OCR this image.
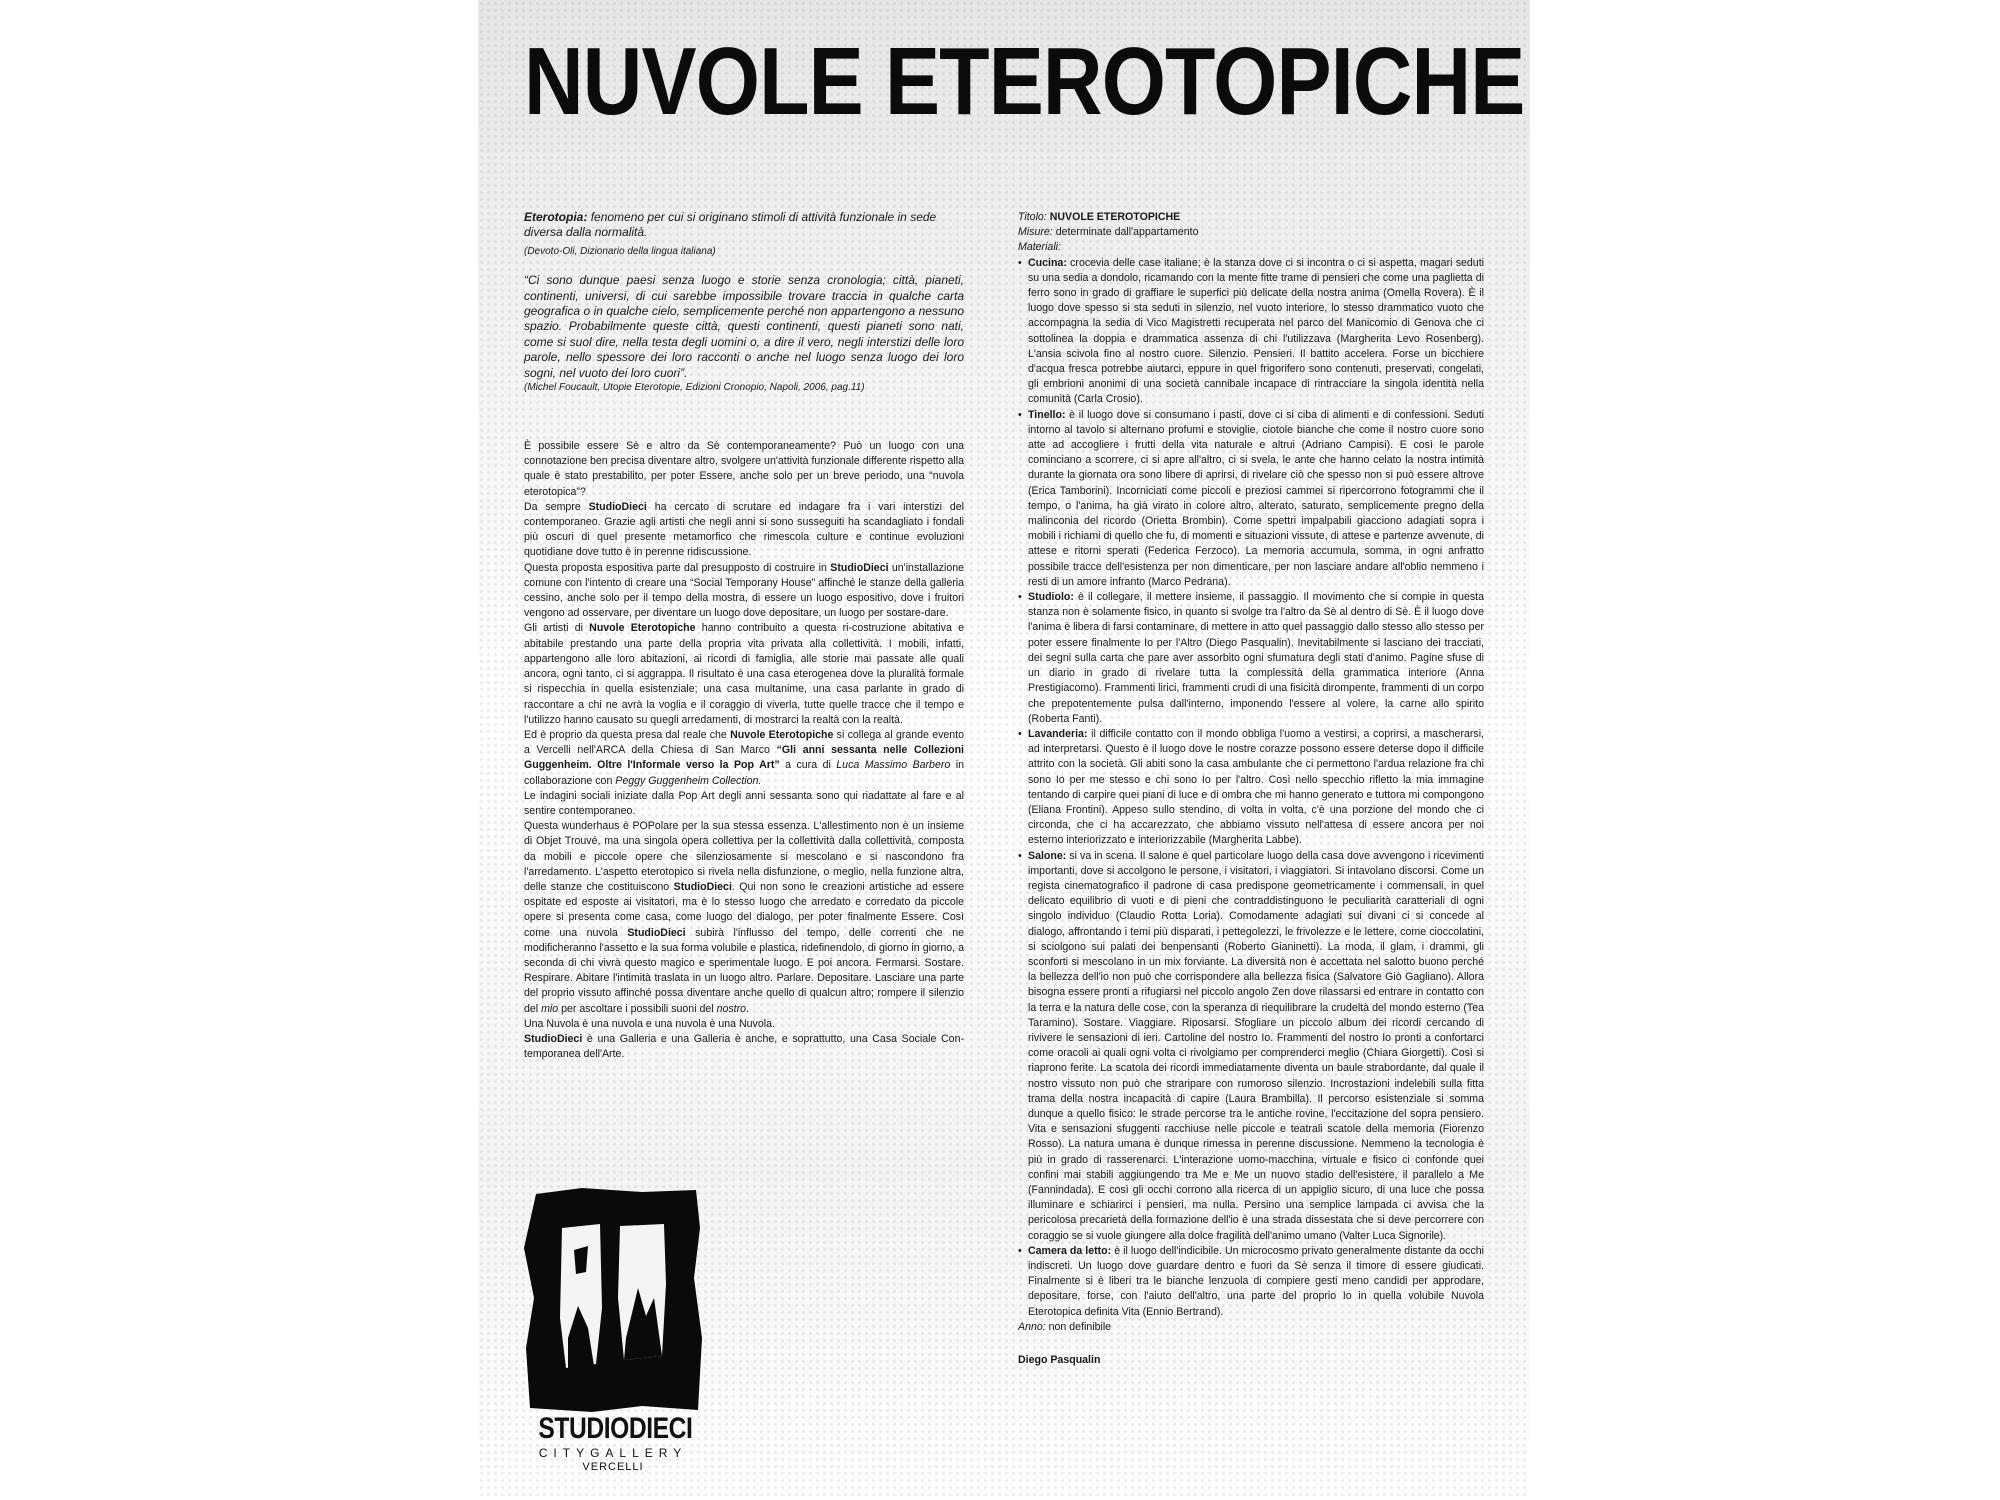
NUVOLE ETEROTOPICHE
Eterotopia: fenomeno per cui si originano stimoli di attività funzionale in sede diversa dalla normalità.
(Devoto-Oli, Dizionario della lingua italiana)
“Ci sono dunque paesi senza luogo e storie senza cronologia; città, pianeti, continenti, universi, di cui sarebbe impossibile trovare traccia in qualche carta geografica o in qualche cielo, semplicemente perché non appartengono a nessuno spazio. Probabilmente queste città, questi continenti, questi pianeti sono nati, come si suol dire, nella testa degli uomini o, a dire il vero, negli interstizi delle loro parole, nello spessore dei loro racconti o anche nel luogo senza luogo dei loro sogni, nel vuoto dei loro cuori”.
(Michel Foucault, Utopie Eterotopie, Edizioni Cronopio, Napoli, 2006, pag.11)

È possibile essere Sè e altro da Sè contemporaneamente? Può un luogo con una connotazione ben precisa diventare altro, svolgere un'attività funzionale differente rispetto alla quale è stato prestabilito, per poter Essere, anche solo per un breve periodo, una “nuvola eterotopica”?

Da sempre StudioDieci ha cercato di scrutare ed indagare fra i vari interstizi del contemporaneo. Grazie agli artisti che negli anni si sono susseguiti ha scandagliato i fondali più oscuri di quel presente metamorfico che rimescola culture e continue evoluzioni quotidiane dove tutto è in perenne ridiscussione.

Questa proposta espositiva parte dal presupposto di costruire in StudioDieci un'installazione comune con l'intento di creare una “Social Temporany House” affinché le stanze della galleria cessino, anche solo per il tempo della mostra, di essere un luogo espositivo, dove i fruitori vengono ad osservare, per diventare un luogo dove depositare, un luogo per sostare-dare.

Gli artisti di Nuvole Eterotopiche hanno contribuito a questa ri-costruzione abitativa e abitabile prestando una parte della propria vita privata alla collettività. I mobili, infatti, appartengono alle loro abitazioni, ai ricordi di famiglia, alle storie mai passate alle quali ancora, ogni tanto, ci si aggrappa. Il risultato è una casa eterogenea dove la pluralità formale si rispecchia in quella esistenziale; una casa multanime, una casa parlante in grado di raccontare a chi ne avrà la voglia e il coraggio di viverla, tutte quelle tracce che il tempo e l'utilizzo hanno causato su quegli arredamenti, di mostrarci la realtà con la realtà.

Ed è proprio da questa presa dal reale che Nuvole Eterotopiche si collega al grande evento a Vercelli nell'ARCA della Chiesa di San Marco “Gli anni sessanta nelle Collezioni Guggenheim. Oltre l'Informale verso la Pop Art” a cura di Luca Massimo Barbero in collaborazione con Peggy Guggenheim Collection.

Le indagini sociali iniziate dalla Pop Art degli anni sessanta sono qui riadattate al fare e al sentire contemporaneo.

Questa wunderhaus è POPolare per la sua stessa essenza. L'allestimento non è un insieme di Objet Trouvé, ma una singola opera collettiva per la collettività dalla collettività, composta da mobili e piccole opere che silenziosamente si mescolano e si nascondono fra l'arredamento. L'aspetto eterotopico si rivela nella disfunzione, o meglio, nella funzione altra, delle stanze che costituiscono StudioDieci. Qui non sono le creazioni artistiche ad essere ospitate ed esposte ai visitatori, ma è lo stesso luogo che arredato e corredato da piccole opere si presenta come casa, come luogo del dialogo, per poter finalmente Essere. Così come una nuvola StudioDieci subirà l'influsso del tempo, delle correnti che ne modificheranno l'assetto e la sua forma volubile e plastica, ridefinendolo, di giorno in giorno, a seconda di chi vivrà questo magico e sperimentale luogo. E poi ancora. Fermarsi. Sostare. Respirare. Abitare l'intimità traslata in un luogo altro. Parlare. Depositare. Lasciare una parte del proprio vissuto affinché possa diventare anche quello di qualcun altro; rompere il silenzio del mio per ascoltare i possibili suoni del nostro.

Una Nuvola è una nuvola e una nuvola è una Nuvola.

StudioDieci è una Galleria e una Galleria è anche, e soprattutto, una Casa Sociale Con-temporanea dell'Arte.

Titolo: NUVOLE ETEROTOPICHE
Misure: determinate dall'appartamento
Materiali:
• Cucina: crocevia delle case italiane; è la stanza dove ci si incontra o ci si aspetta, magari seduti su una sedia a dondolo, ricamando con la mente fitte trame di pensieri che come una paglietta di ferro sono in grado di graffiare le superfici più delicate della nostra anima (Omella Rovera). È il luogo dove spesso si sta seduti in silenzio, nel vuoto interiore, lo stesso drammatico vuoto che accompagna la sedia di Vico Magistretti recuperata nel parco del Manicomio di Genova che ci sottolinea la doppia e drammatica assenza di chi l'utilizzava (Margherita Levo Rosenberg). L'ansia scivola fino al nostro cuore. Silenzio. Pensieri. Il battito accelera. Forse un bicchiere d'acqua fresca potrebbe aiutarci, eppure in quel frigorifero sono contenuti, preservati, congelati, gli embrioni anonimi di una società cannibale incapace di rintracciare la singola identità nella comunità (Carla Crosio).
• Tinello: è il luogo dove si consumano i pasti, dove ci si ciba di alimenti e di confessioni. Seduti intorno al tavolo si alternano profumi e stoviglie, ciotole bianche che come il nostro cuore sono atte ad accogliere i frutti della vita naturale e altrui (Adriano Campisi). E così le parole cominciano a scorrere, ci si apre all'altro, ci si svela, le ante che hanno celato la nostra intimità durante la giornata ora sono libere di aprirsi, di rivelare ciò che spesso non si può essere altrove (Erica Tamborini). Incorniciati come piccoli e preziosi cammei si ripercorrono fotogrammi che il tempo, o l'anima, ha già virato in colore altro, alterato, saturato, semplicemente pregno della malinconia del ricordo (Orietta Brombin). Come spettri impalpabili giacciono adagiati sopra i mobili i richiami di quello che fu, di momenti e situazioni vissute, di attese e partenze avvenute, di attese e ritorni sperati (Federica Ferzoco). La memoria accumula, somma, in ogni anfratto possibile tracce dell'esistenza per non dimenticare, per non lasciare andare all'oblio nemmeno i resti di un amore infranto (Marco Pedrana).
• Studiolo: è il collegare, il mettere insieme, il passaggio. Il movimento che si compie in questa stanza non è solamente fisico, in quanto si svolge tra l'altro da Sè al dentro di Sè. È il luogo dove l'anima è libera di farsi contaminare, di mettere in atto quel passaggio dallo stesso allo stesso per poter essere finalmente Io per l'Altro (Diego Pasqualin). Inevitabilmente si lasciano dei tracciati, dei segni sulla carta che pare aver assorbito ogni sfumatura degli stati d'animo. Pagine sfuse di un diario in grado di rivelare tutta la complessità della grammatica interiore (Anna Prestigiacomo). Frammenti lirici, frammenti crudi di una fisicità dirompente, frammenti di un corpo che prepotentemente pulsa dall'interno, imponendo l'essere al volere, la carne allo spirito (Roberta Fanti).
• Lavanderia: il difficile contatto con il mondo obbliga l'uomo a vestirsi, a coprirsi, a mascherarsi, ad interpretarsi. Questo è il luogo dove le nostre corazze possono essere deterse dopo il difficile attrito con la società. Gli abiti sono la casa ambulante che ci permettono l'ardua relazione fra chi sono Io per me stesso e chi sono Io per l'altro. Così nello specchio rifletto la mia immagine tentando di carpire quei piani di luce e di ombra che mi hanno generato e tuttora mi compongono (Eliana Frontini). Appeso sullo stendino, di volta in volta, c'è una porzione del mondo che ci circonda, che ci ha accarezzato, che abbiamo vissuto nell'attesa di essere ancora per noi esterno interiorizzato e interiorizzabile (Margherita Labbe).
• Salone: si va in scena. Il salone è quel particolare luogo della casa dove avvengono i ricevimenti importanti, dove si accolgono le persone, i visitatori, i viaggiatori. Si intavolano discorsi. Come un regista cinematografico il padrone di casa predispone geometricamente i commensali, in quel delicato equilibrio di vuoti e di pieni che contraddistinguono le peculiarità caratteriali di ogni singolo individuo (Claudio Rotta Loria). Comodamente adagiati sui divani ci si concede al dialogo, affrontando i temi più disparati, i pettegolezzi, le frivolezze e le lettere, come cioccolatini, si sciolgono sui palati dei benpensanti (Roberto Gianinetti). La moda, il glam, i drammi, gli sconforti si mescolano in un mix forviante. La diversità non è accettata nel salotto buono perché la bellezza dell'io non può che corrispondere alla bellezza fisica (Salvatore Giò Gagliano). Allora bisogna essere pronti a rifugiarsi nel piccolo angolo Zen dove rilassarsi ed entrare in contatto con la terra e la natura delle cose, con la speranza di riequilibrare la crudeltà del mondo esterno (Tea Taramino). Sostare. Viaggiare. Riposarsi. Sfogliare un piccolo album dei ricordi cercando di rivivere le sensazioni di ieri. Cartoline del nostro Io. Frammenti del nostro Io pronti a confortarci come oracoli ai quali ogni volta ci rivolgiamo per comprenderci meglio (Chiara Giorgetti). Così si riaprono ferite. La scatola dei ricordi immediatamente diventa un baule strabordante, dal quale il nostro vissuto non può che straripare con rumoroso silenzio. Incrostazioni indelebili sulla fitta trama della nostra incapacità di capire (Laura Brambilla). Il percorso esistenziale si somma dunque a quello fisico: le strade percorse tra le antiche rovine, l'eccitazione del sopra pensiero. Vita e sensazioni sfuggenti racchiuse nelle piccole e teatrali scatole della memoria (Fiorenzo Rosso). La natura umana è dunque rimessa in perenne discussione. Nemmeno la tecnologia è più in grado di rasserenarci. L'interazione uomo-macchina, virtuale e fisico ci confonde quei confini mai stabili aggiungendo tra Me e Me un nuovo stadio dell'esistere, il parallelo a Me (Fannindada). E così gli occhi corrono alla ricerca di un appiglio sicuro, di una luce che possa illuminare e schiarirci i pensieri, ma nulla. Persino una semplice lampada ci avvisa che la pericolosa precarietà della formazione dell'io è una strada dissestata che si deve percorrere con coraggio se si vuole giungere alla dolce fragilità dell'animo umano (Valter Luca Signorile).
• Camera da letto: è il luogo dell'indicibile. Un microcosmo privato generalmente distante da occhi indiscreti. Un luogo dove guardare dentro e fuori da Sè senza il timore di essere giudicati. Finalmente si è liberi tra le bianche lenzuola di compiere gesti meno candidi per approdare, depositare, forse, con l'aiuto dell'altro, una parte del proprio Io in quella volubile Nuvola Eterotopica definita Vita (Ennio Bertrand).
Anno: non definibile
Diego Pasqualin
STUDIODIECI
CITYGALLERY
VERCELLI
